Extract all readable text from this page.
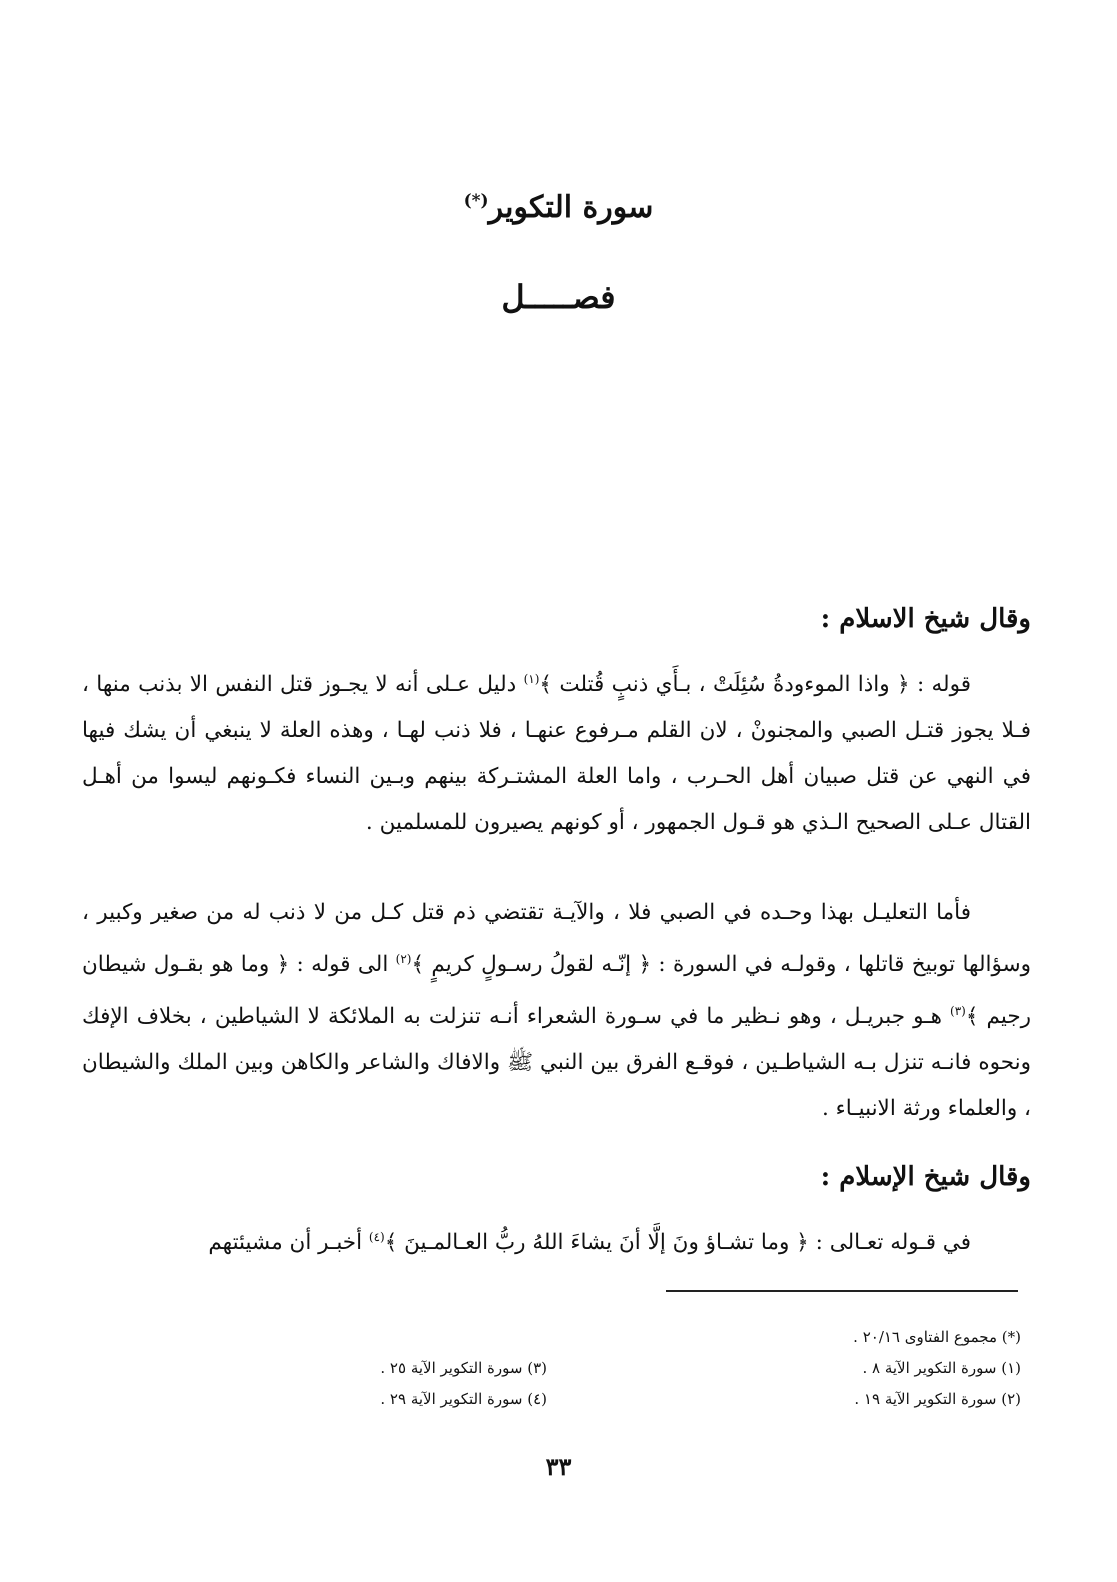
سورة التكوير(*)
فصـــــل
وقال شيخ الاسلام :

قوله : ﴿ واذا الموءودةُ سُئِلَتْ ، بـأَي ذنبٍ قُتلت ﴾$^{(١)}$ دليل عـلى أنه لا يجـوز قتل النفس الا بذنب منها ، فـلا يجوز قتـل الصبي والمجنونْ ، لان القلم مـرفوع عنهـا ، فلا ذنب لهـا ، وهذه العلة لا ينبغي أن يشك فيها في النهي عن قتل صبيان أهل الحـرب ، واما العلة المشتـركة بينهم وبـين النساء فكـونهم ليسوا من أهـل القتال عـلى الصحيح الـذي هو قـول الجمهور ، أو كونهم يصيرون للمسلمين .

فأما التعليـل بهذا وحـده في الصبي فلا ، والآيـة تقتضي ذم قتل كـل من لا ذنب له من صغير وكبير ، وسؤالها توبيخ قاتلها ، وقولـه في السورة : ﴿ إنّـه لقولُ رسـولٍ كريمٍ ﴾$^{(٢)}$ الى قوله : ﴿ وما هو بقـول شيطان رجيم ﴾$^{(٣)}$ هـو جبريـل ، وهو نـظير ما في سـورة الشعراء أنـه تنزلت به الملائكة لا الشياطين ، بخلاف الإفك ونحوه فانـه تنزل بـه الشياطـين ، فوقـع الفرق بين النبي ﷺ والافاك والشاعر والكاهن وبين الملك والشيطان ، والعلماء ورثة الانبيـاء .

وقال شيخ الإسلام :

في قـوله تعـالى : ﴿ وما تشـاؤ ونَ إلَّا أنَ يشاءَ اللهُ ربُّ العـالمـينَ ﴾$^{(٤)}$ أخبـر أن مشيئتهم

(*) مجموع الفتاوى ٢٠/١٦ .
(١) سورة التكوير الآية ٨ .
(٢) سورة التكوير الآية ١٩ .
(٣) سورة التكوير الآية ٢٥ .
(٤) سورة التكوير الآية ٢٩ .
٣٣
